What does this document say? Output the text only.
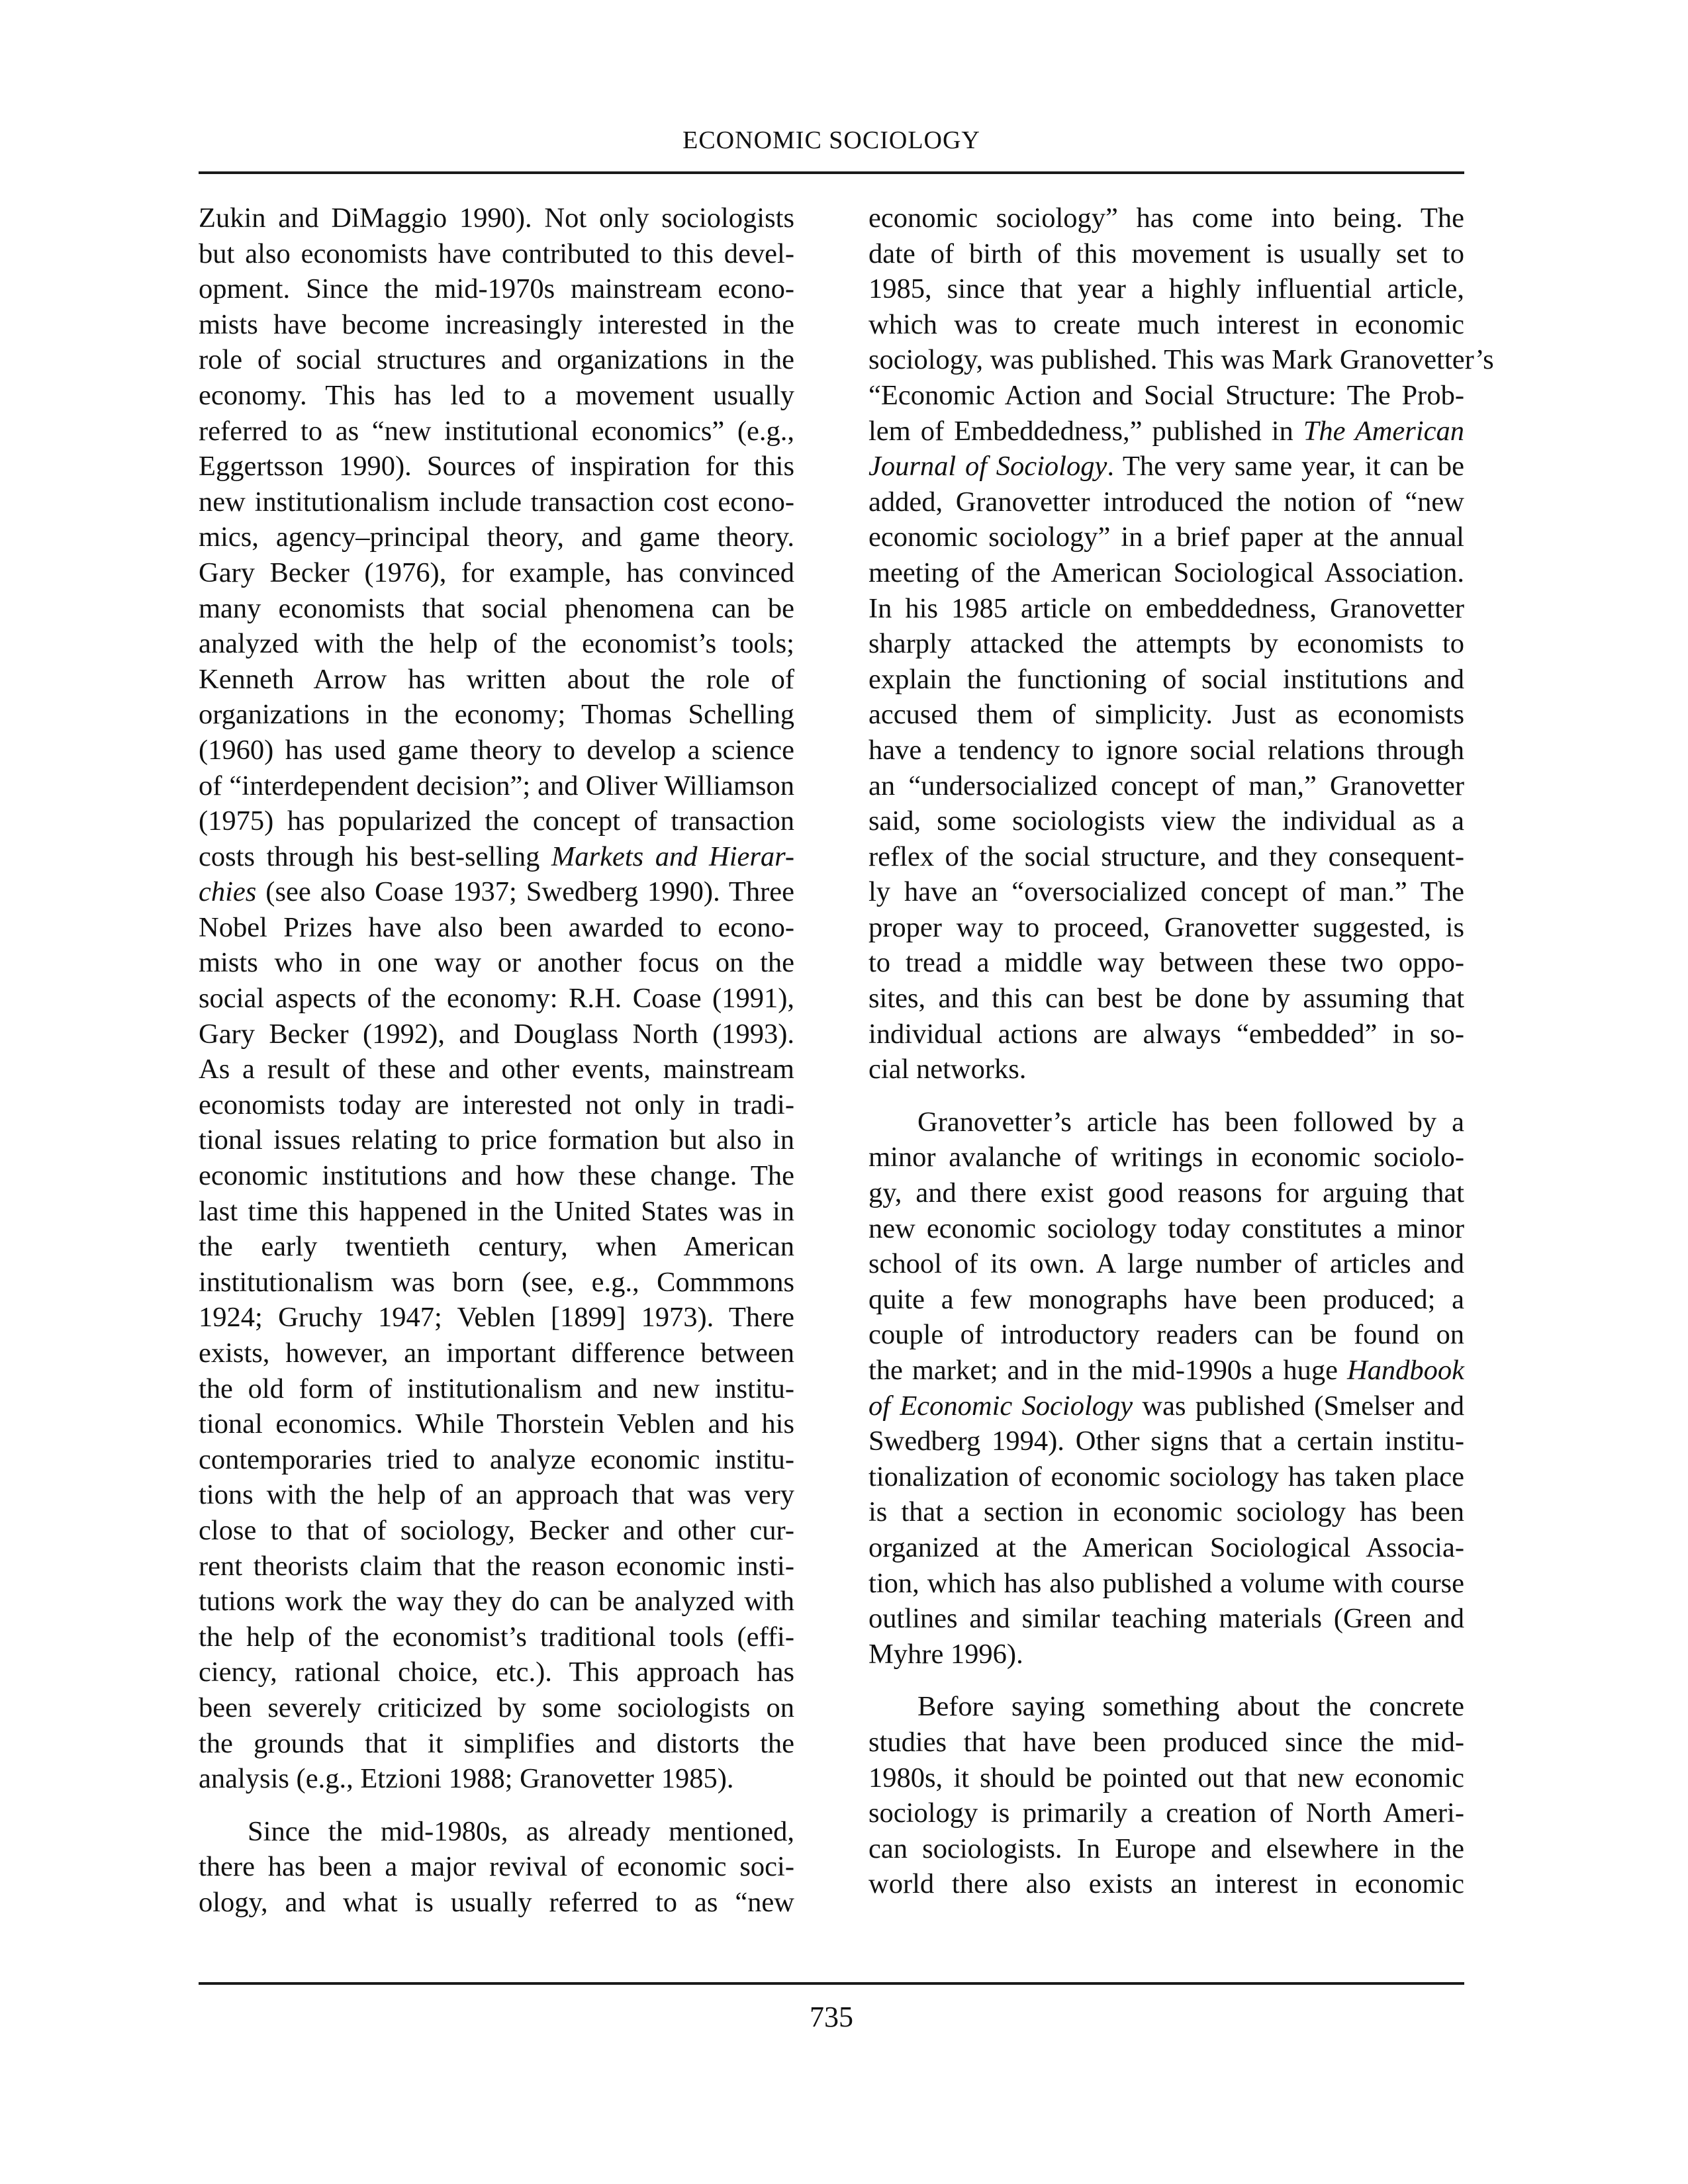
ECONOMIC SOCIOLOGY
Zukin and DiMaggio 1990). Not only sociologists
but also economists have contributed to this devel-
opment. Since the mid-1970s mainstream econo-
mists have become increasingly interested in the
role of social structures and organizations in the
economy. This has led to a movement usually
referred to as “new institutional economics” (e.g.,
Eggertsson 1990). Sources of inspiration for this
new institutionalism include transaction cost econo-
mics, agency–principal theory, and game theory.
Gary Becker (1976), for example, has convinced
many economists that social phenomena can be
analyzed with the help of the economist’s tools;
Kenneth Arrow has written about the role of
organizations in the economy; Thomas Schelling
(1960) has used game theory to develop a science
of “interdependent decision”; and Oliver Williamson
(1975) has popularized the concept of transaction
costs through his best-selling Markets and Hierar-
chies (see also Coase 1937; Swedberg 1990). Three
Nobel Prizes have also been awarded to econo-
mists who in one way or another focus on the
social aspects of the economy: R.H. Coase (1991),
Gary Becker (1992), and Douglass North (1993).
As a result of these and other events, mainstream
economists today are interested not only in tradi-
tional issues relating to price formation but also in
economic institutions and how these change. The
last time this happened in the United States was in
the early twentieth century, when American
institutionalism was born (see, e.g., Commmons
1924; Gruchy 1947; Veblen [1899] 1973). There
exists, however, an important difference between
the old form of institutionalism and new institu-
tional economics. While Thorstein Veblen and his
contemporaries tried to analyze economic institu-
tions with the help of an approach that was very
close to that of sociology, Becker and other cur-
rent theorists claim that the reason economic insti-
tutions work the way they do can be analyzed with
the help of the economist’s traditional tools (effi-
ciency, rational choice, etc.). This approach has
been severely criticized by some sociologists on
the grounds that it simplifies and distorts the
analysis (e.g., Etzioni 1988; Granovetter 1985).
Since the mid-1980s, as already mentioned,
there has been a major revival of economic soci-
ology, and what is usually referred to as “new
economic sociology” has come into being. The
date of birth of this movement is usually set to
1985, since that year a highly influential article,
which was to create much interest in economic
sociology, was published. This was Mark Granovetter’s
“Economic Action and Social Structure: The Prob-
lem of Embeddedness,” published in The American
Journal of Sociology. The very same year, it can be
added, Granovetter introduced the notion of “new
economic sociology” in a brief paper at the annual
meeting of the American Sociological Association.
In his 1985 article on embeddedness, Granovetter
sharply attacked the attempts by economists to
explain the functioning of social institutions and
accused them of simplicity. Just as economists
have a tendency to ignore social relations through
an “undersocialized concept of man,” Granovetter
said, some sociologists view the individual as a
reflex of the social structure, and they consequent-
ly have an “oversocialized concept of man.” The
proper way to proceed, Granovetter suggested, is
to tread a middle way between these two oppo-
sites, and this can best be done by assuming that
individual actions are always “embedded” in so-
cial networks.
Granovetter’s article has been followed by a
minor avalanche of writings in economic sociolo-
gy, and there exist good reasons for arguing that
new economic sociology today constitutes a minor
school of its own. A large number of articles and
quite a few monographs have been produced; a
couple of introductory readers can be found on
the market; and in the mid-1990s a huge Handbook
of Economic Sociology was published (Smelser and
Swedberg 1994). Other signs that a certain institu-
tionalization of economic sociology has taken place
is that a section in economic sociology has been
organized at the American Sociological Associa-
tion, which has also published a volume with course
outlines and similar teaching materials (Green and
Myhre 1996).
Before saying something about the concrete
studies that have been produced since the mid-
1980s, it should be pointed out that new economic
sociology is primarily a creation of North Ameri-
can sociologists. In Europe and elsewhere in the
world there also exists an interest in economic
735
